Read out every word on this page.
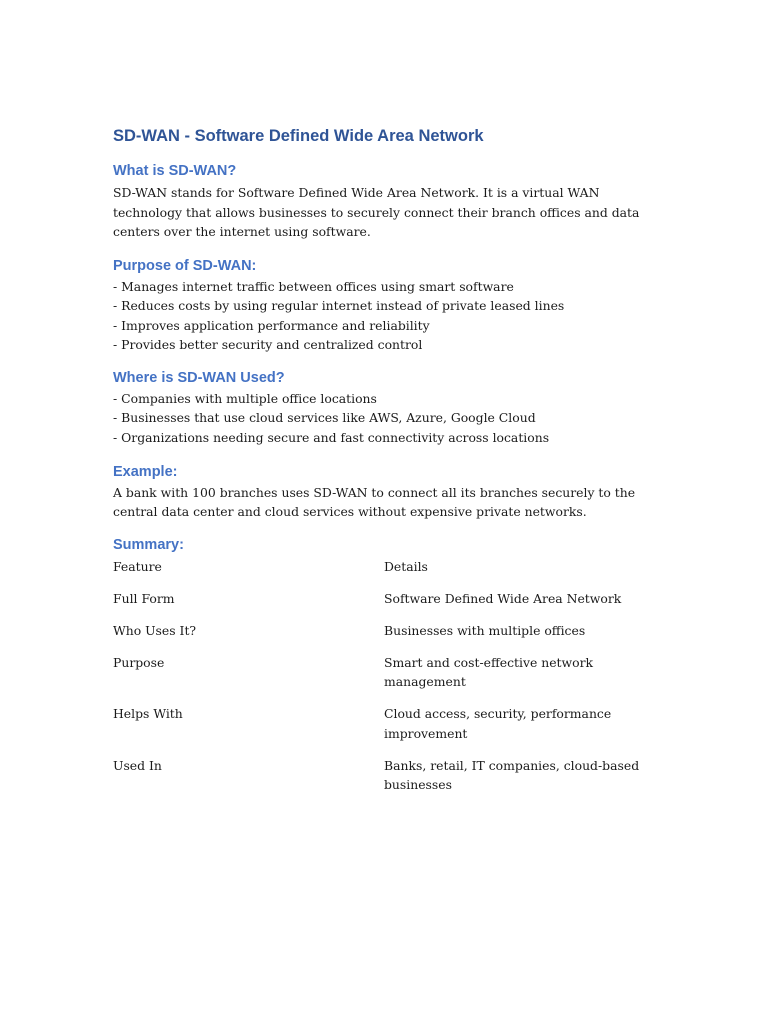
SD-WAN - Software Defined Wide Area Network
What is SD-WAN?

SD-WAN stands for Software Defined Wide Area Network. It is a virtual WAN technology that allows businesses to securely connect their branch offices and data centers over the internet using software.

Purpose of SD-WAN:
- Manages internet traffic between offices using smart software
- Reduces costs by using regular internet instead of private leased lines
- Improves application performance and reliability
- Provides better security and centralized control
Where is SD-WAN Used?
- Companies with multiple office locations
- Businesses that use cloud services like AWS, Azure, Google Cloud
- Organizations needing secure and fast connectivity across locations
Example:

A bank with 100 branches uses SD-WAN to connect all its branches securely to the central data center and cloud services without expensive private networks.

Summary:
Feature	Details
Full Form	Software Defined Wide Area Network
Who Uses It?	Businesses with multiple offices
Purpose	Smart and cost-effective network management
Helps With	Cloud access, security, performance improvement
Used In	Banks, retail, IT companies, cloud-based businesses
